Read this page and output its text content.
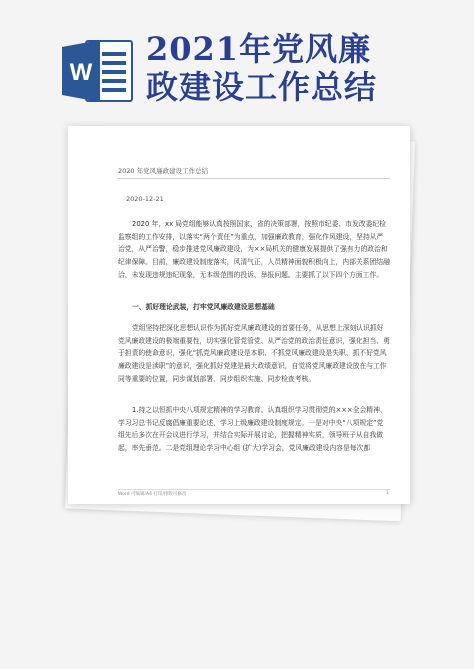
W
2021年党风廉
政建设工作总结
2020 年党风廉政建设工作总结
2020-12-21
2020 年，xx 局党组能够认真按照国家、省的决策部署，按照市纪委、市发改委纪检监察组的工作安排，以落实“两个责任”为重点，加强廉政教育，强化作风建设，坚持从严治党，从严治警，稳步推进党风廉政建设，为××局机关的健康发展提供了强有力的政治和纪律保障。目前，廉政建设制度落实，风清气正，人员精神面貌积极向上，内部关系团结融洽，未发现违规违纪现象，无本级范围的投诉、举报问题。主要抓了以下四个方面工作。
一、抓好理论武装，打牢党风廉政建设思想基础
党组坚持把深化思想认识作为抓好党风廉政建设的首要任务，从思想上深刻认识抓好党风廉政建设的极端重要性，切实强化管党管党、从严治党的政治责任意识，强化担当、勇于担责的使命意识，强化“抓党风廉政建设是本职、不抓党风廉政建设是失职、抓不好党风廉政建设是渎职”的意识，强化抓好党建是最大政绩意识，自觉将党风廉政建设放在与工作同等重要的位置，同步谋划部署、同步组织实施、同步检查考核。
1.持之以恒抓中央八项规定精神的学习教育。认真组织学习贯彻党的×××全会精神、学习习总书记反腐倡廉重要论述，学习上级廉政建设制度规定。一是对中央“八项规定”党组先后多次在开会议进行学习，并结合实际开展讨论，把握精神实质，领导班子从自我做起，率先垂范。二是党组理论学习中心组 (扩大)学习会，党风廉政建设内容是每次都
Word 可编辑/A4 打印/排版可修改	1
